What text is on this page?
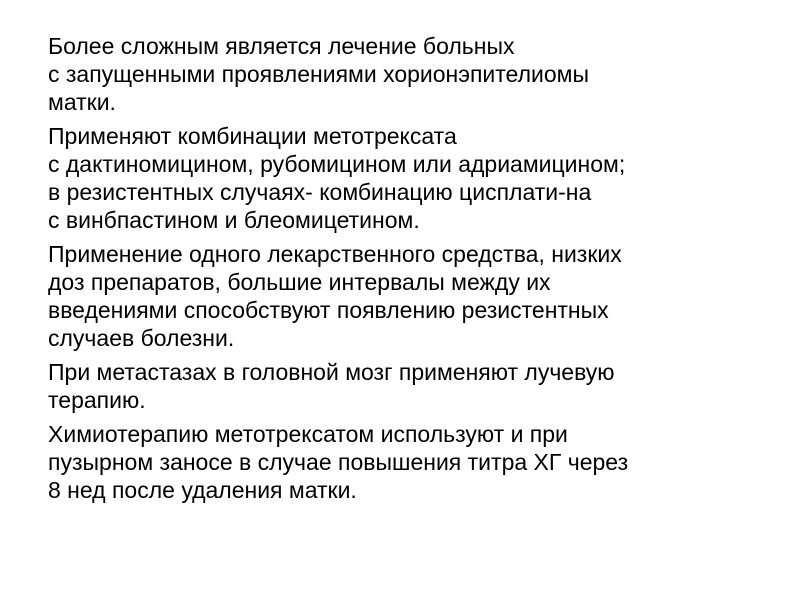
Более сложным является лечение больных
с запущенными проявлениями хорионэпителиомы
матки.

Применяют комбинации метотрексата
с дактиномицином, рубомицином или адриамицином;
в резистентных случаях- комбинацию цисплати-на
с винбпастином и блеомицетином.

Применение одного лекарственного средства, низких
доз препаратов, большие интервалы между их
введениями способствуют появлению резистентных
случаев болезни.

При метастазах в головной мозг применяют лучевую
терапию.

Химиотерапию метотрексатом используют и при
пузырном заносе в случае повышения титра ХГ через
8 нед после удаления матки.
